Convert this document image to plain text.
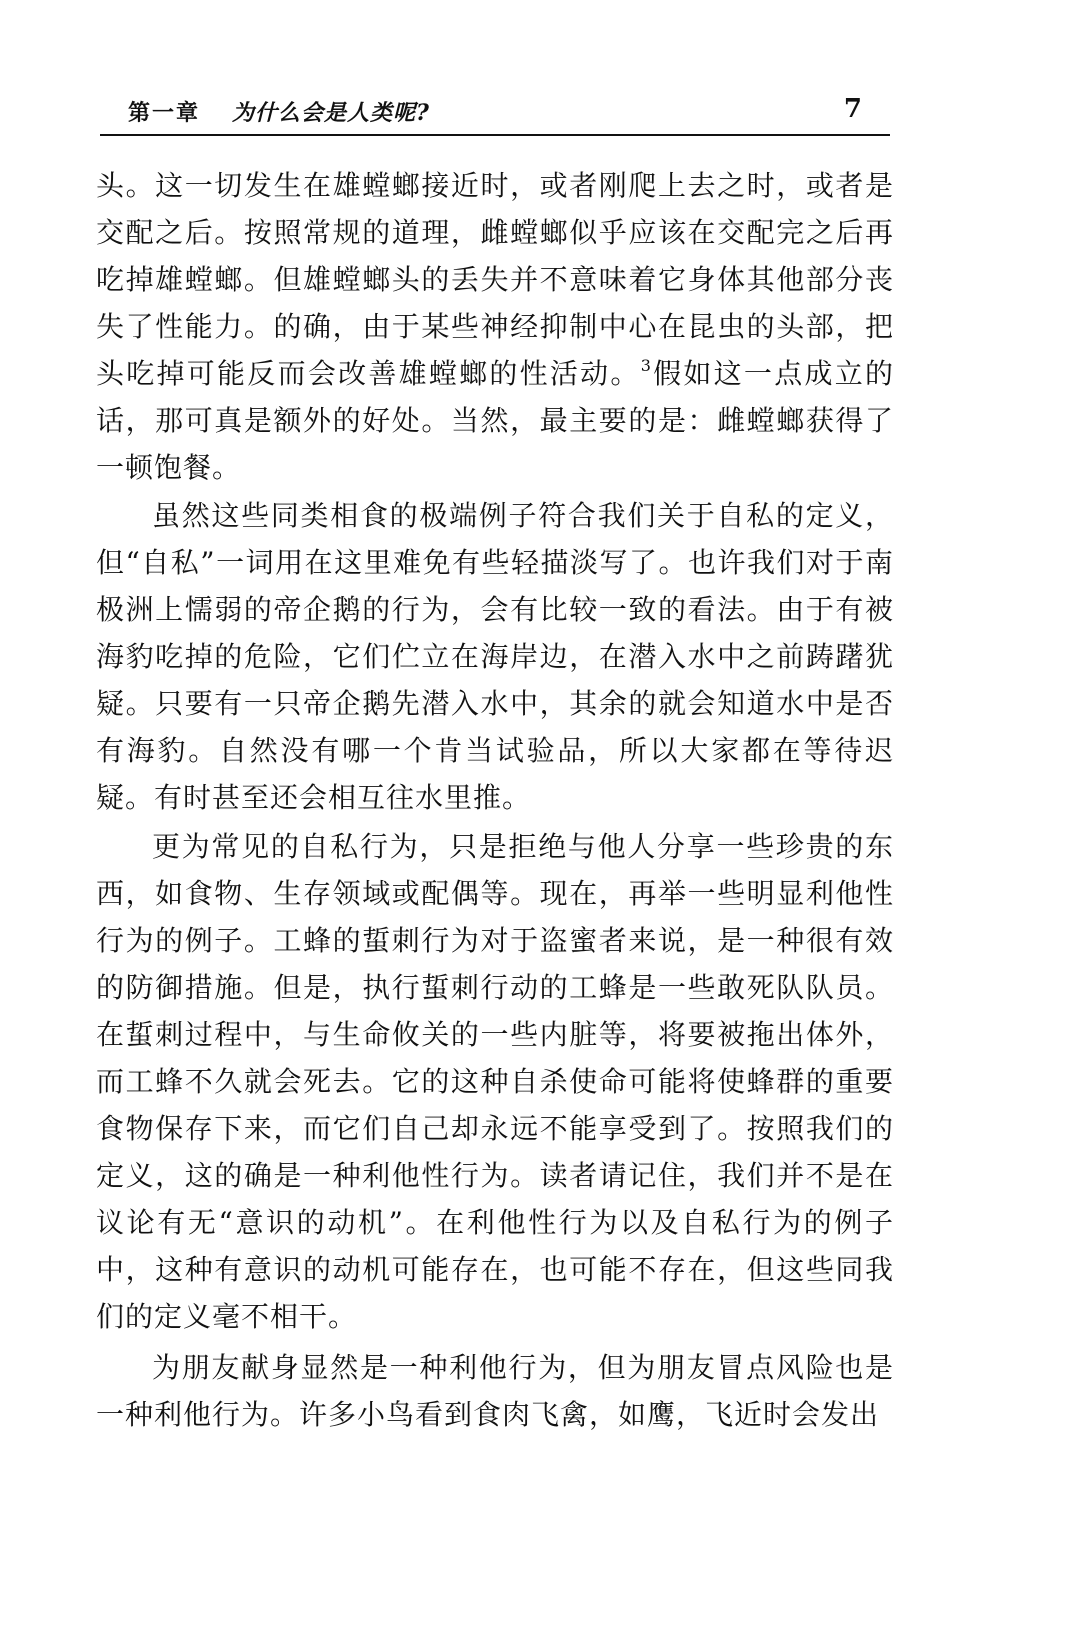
第一章 为什么会是人类呢?	7

头。这一切发生在雄螳螂接近时，或者刚爬上去之时，或者是交配之后。按照常规的道理，雌螳螂似乎应该在交配完之后再吃掉雄螳螂。但雄螳螂头的丢失并不意味着它身体其他部分丧失了性能力。的确，由于某些神经抑制中心在昆虫的头部，把头吃掉可能反而会改善雄螳螂的性活动。$^3$假如这一点成立的话，那可真是额外的好处。当然，最主要的是：雌螳螂获得了一顿饱餐。

虽然这些同类相食的极端例子符合我们关于自私的定义，但“自私”一词用在这里难免有些轻描淡写了。也许我们对于南极洲上懦弱的帝企鹅的行为，会有比较一致的看法。由于有被海豹吃掉的危险，它们伫立在海岸边，在潜入水中之前踌躇犹疑。只要有一只帝企鹅先潜入水中，其余的就会知道水中是否有海豹。自然没有哪一个肯当试验品，所以大家都在等待迟疑。有时甚至还会相互往水里推。

更为常见的自私行为，只是拒绝与他人分享一些珍贵的东西，如食物、生存领域或配偶等。现在，再举一些明显利他性行为的例子。工蜂的蜇刺行为对于盗蜜者来说，是一种很有效的防御措施。但是，执行蜇刺行动的工蜂是一些敢死队队员。在蜇刺过程中，与生命攸关的一些内脏等，将要被拖出体外，而工蜂不久就会死去。它的这种自杀使命可能将使蜂群的重要食物保存下来，而它们自己却永远不能享受到了。按照我们的定义，这的确是一种利他性行为。读者请记住，我们并不是在议论有无“意识的动机”。在利他性行为以及自私行为的例子中，这种有意识的动机可能存在，也可能不存在，但这些同我们的定义毫不相干。

为朋友献身显然是一种利他行为，但为朋友冒点风险也是一种利他行为。许多小鸟看到食肉飞禽，如鹰，飞近时会发出
